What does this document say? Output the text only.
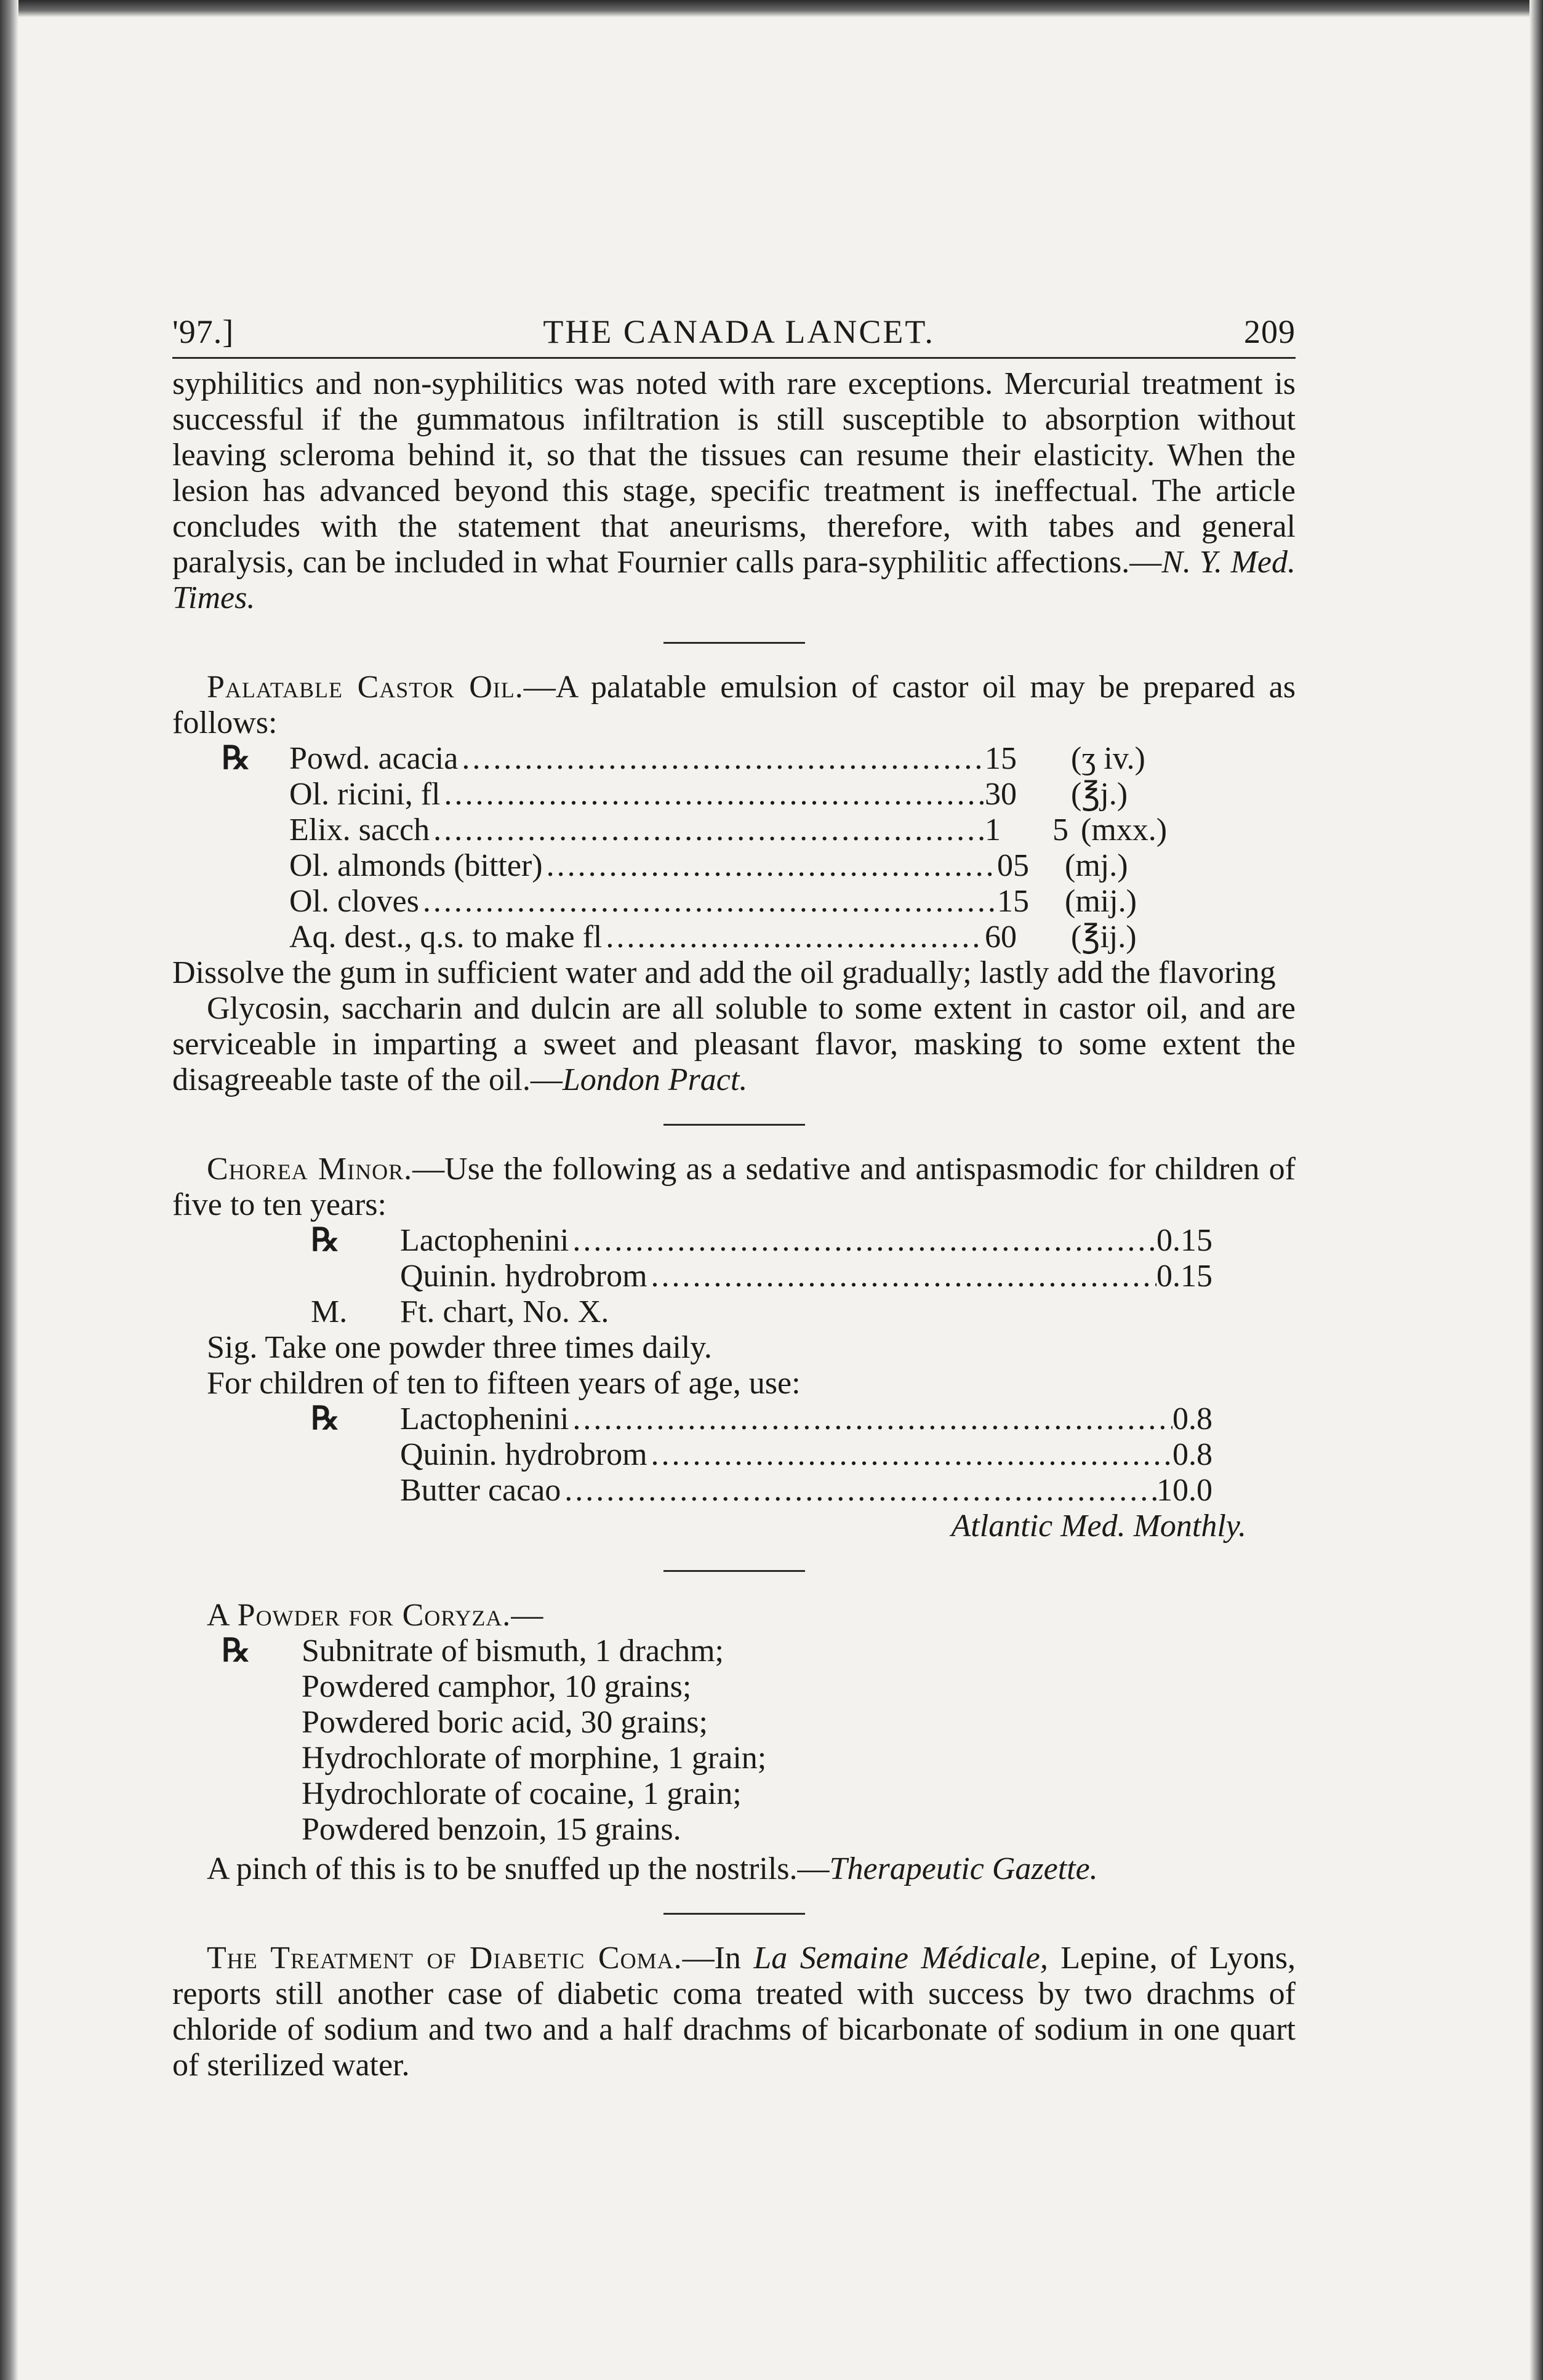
'97.]	THE CANADA LANCET.	209

syphilitics and non-syphilitics was noted with rare exceptions. Mercurial treatment is successful if the gummatous infiltration is still susceptible to absorption without leaving scleroma behind it, so that the tissues can resume their elasticity. When the lesion has advanced beyond this stage, specific treatment is ineffectual. The article concludes with the statement that aneurisms, therefore, with tabes and general paralysis, can be included in what Fournier calls para-syphilitic affections.—N. Y. Med. Times.

Palatable Castor Oil.—A palatable emulsion of castor oil may be prepared as follows:

℞	Powd. acacia .....	15	(ʒ iv.)
Ol. ricini, fl .....	30	(℥j.)
Elix. sacch .....	1	5 (mxx.)
Ol. almonds (bitter) .....	05	(mj.)
Ol. cloves .....	15	(mij.)
Aq. dest., q.s. to make fl .....	60	(℥ij.)

Dissolve the gum in sufficient water and add the oil gradually; lastly add the flavoring

Glycosin, saccharin and dulcin are all soluble to some extent in castor oil, and are serviceable in imparting a sweet and pleasant flavor, masking to some extent the disagreeable taste of the oil.—London Pract.

Chorea Minor.—Use the following as a sedative and antispasmodic for children of five to ten years:

℞	Lactophenini .....	0.15
Quinin. hydrobrom .....	0.15
M.	Ft. chart, No. X.

Sig. Take one powder three times daily.

For children of ten to fifteen years of age, use:

℞	Lactophenini .....	0.8
Quinin. hydrobrom .....	0.8
Butter cacao .....	10.0

Atlantic Med. Monthly.

A Powder for Coryza.—

℞	Subnitrate of bismuth, 1 drachm;
Powdered camphor, 10 grains;
Powdered boric acid, 30 grains;
Hydrochlorate of morphine, 1 grain;
Hydrochlorate of cocaine, 1 grain;
Powdered benzoin, 15 grains.

A pinch of this is to be snuffed up the nostrils.—Therapeutic Gazette.

The Treatment of Diabetic Coma.—In La Semaine Médicale, Lepine, of Lyons, reports still another case of diabetic coma treated with success by two drachms of chloride of sodium and two and a half drachms of bicarbonate of sodium in one quart of sterilized water.
